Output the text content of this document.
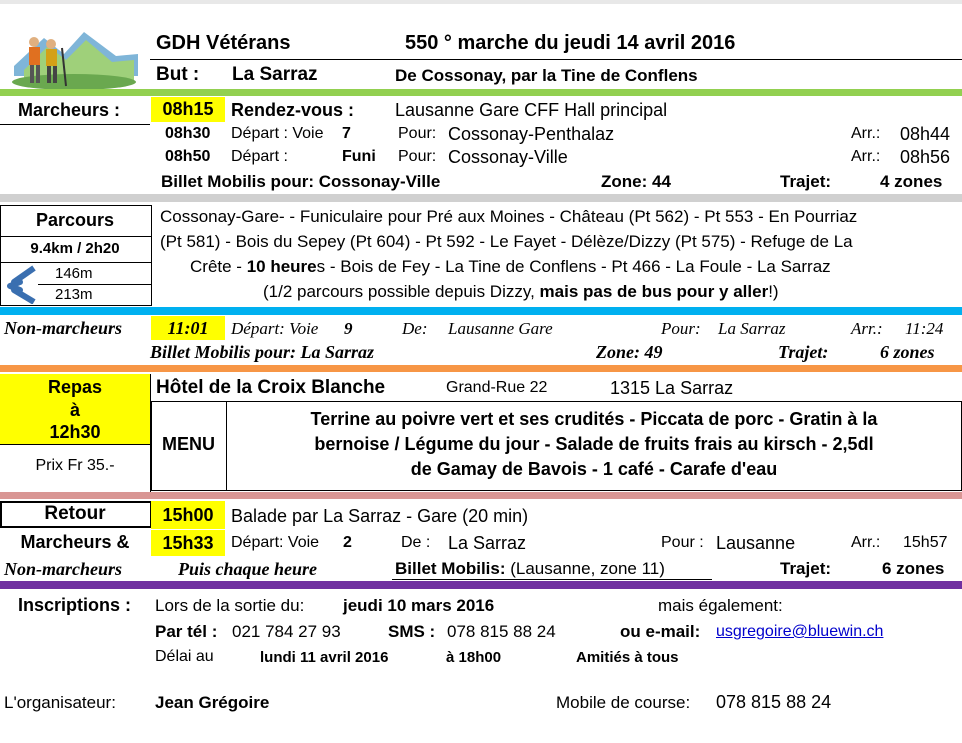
GDH Vétérans	550 ° marche du jeudi 14 avril 2016
But : La Sarraz	De Cossonay, par la Tine de Conflens
Marcheurs :	08h15 Rendez-vous : Lausanne Gare CFF Hall principal
08h30 Départ : Voie 7	Pour: Cossonay-Penthalaz	Arr.: 08h44
08h50 Départ :	Funi Pour: Cossonay-Ville	Arr.: 08h56
Billet Mobilis pour: Cossonay-Ville	Zone: 44	Trajet:	4 zones
Parcours
9.4km / 2h20
146m
213m
Cossonay-Gare- - Funiculaire pour Pré aux Moines - Château (Pt 562) - Pt 553 - En Pourriaz
(Pt 581) - Bois du Sepey (Pt 604) - Pt 592 - Le Fayet - Délèze/Dizzy (Pt 575) - Refuge de La
Crête - 10 heures - Bois de Fey - La Tine de Conflens - Pt 466 - La Foule - La Sarraz
(1/2 parcours possible depuis Dizzy, mais pas de bus pour y aller!)
Non-marcheurs	11:01	Départ: Voie 9	De: Lausanne Gare	Pour: La Sarraz	Arr.: 11:24
Billet Mobilis pour: La Sarraz	Zone: 49	Trajet:	6 zones
Repas
à
12h30
Prix Fr 35.-
Hôtel de la Croix Blanche	Grand-Rue 22	1315 La Sarraz
MENU
Terrine au poivre vert et ses crudités - Piccata de porc - Gratin à la
bernoise / Légume du jour - Salade de fruits frais au kirsch - 2,5dl
de Gamay de Bavois - 1 café - Carafe d'eau
Retour	15h00 Balade par La Sarraz - Gare (20 min)
Marcheurs &	15h33	Départ: Voie 2	De : La Sarraz	Pour : Lausanne	Arr.: 15h57
Non-marcheurs	Puis chaque heure	Billet Mobilis: (Lausanne, zone 11)	Trajet:	6 zones
Inscriptions : Lors de la sortie du: jeudi 10 mars 2016	mais également:
Par tél : 021 784 27 93	SMS : 078 815 88 24	ou e-mail: usgregoire@bluewin.ch
Délai au	lundi 11 avril 2016	à 18h00	Amitiés à tous
L'organisateur: Jean Grégoire	Mobile de course: 078 815 88 24
